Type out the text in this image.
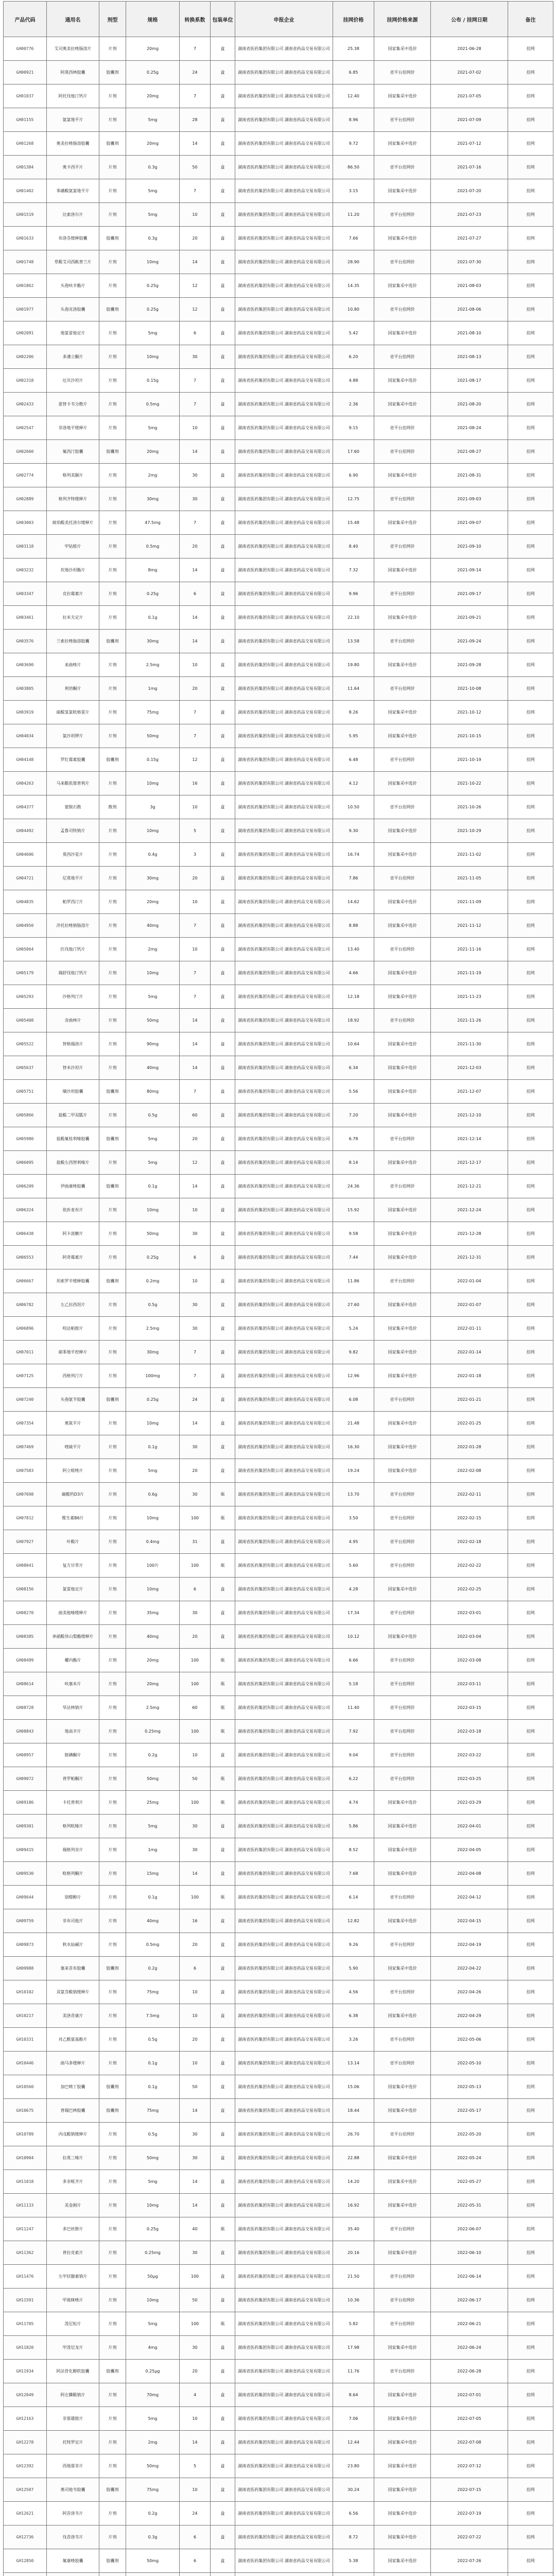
产品代码	通用名	剂型	规格	转换系数	包装单位	申报企业	挂网价格	挂网价格来源	公布 / 挂网日期	备注
GH00776	艾司奥美拉唑肠溶片	片剂	20mg	7	盒	湖南省医药集团有限公司 湖南省药品交易有限公司	25.38	国家集采中选价	2021-06-28	挂网
GH00921	阿莫西林胶囊	胶囊剂	0.25g	24	盒	湖南省医药集团有限公司 湖南省药品交易有限公司	6.85	省平台挂网价	2021-07-02	挂网
GH01037	阿托伐他汀钙片	片剂	20mg	7	盒	湖南省医药集团有限公司 湖南省药品交易有限公司	12.40	国家集采中选价	2021-07-05	挂网
GH01155	氨氯地平片	片剂	5mg	28	盒	湖南省医药集团有限公司 湖南省药品交易有限公司	8.96	省平台挂网价	2021-07-09	挂网
GH01268	奥美拉唑肠溶胶囊	胶囊剂	20mg	14	盒	湖南省医药集团有限公司 湖南省药品交易有限公司	9.72	国家集采中选价	2021-07-12	挂网
GH01384	奥卡西平片	片剂	0.3g	50	盒	湖南省医药集团有限公司 湖南省药品交易有限公司	86.50	省平台挂网价	2021-07-16	挂网
GH01402	苯磺酸氨氯地平片	片剂	5mg	7	盒	湖南省医药集团有限公司 湖南省药品交易有限公司	3.15	国家集采中选价	2021-07-20	挂网
GH01519	比索洛尔片	片剂	5mg	10	盒	湖南省医药集团有限公司 湖南省药品交易有限公司	11.20	省平台挂网价	2021-07-23	挂网
GH01633	布洛芬缓释胶囊	胶囊剂	0.3g	20	盒	湖南省医药集团有限公司 湖南省药品交易有限公司	7.66	国家集采中选价	2021-07-27	挂网
GH01748	草酸艾司西酞普兰片	片剂	10mg	14	盒	湖南省医药集团有限公司 湖南省药品交易有限公司	28.90	省平台挂网价	2021-07-30	挂网
GH01862	头孢呋辛酯片	片剂	0.25g	12	盒	湖南省医药集团有限公司 湖南省药品交易有限公司	14.35	国家集采中选价	2021-08-03	挂网
GH01977	头孢克洛胶囊	胶囊剂	0.25g	12	盒	湖南省医药集团有限公司 湖南省药品交易有限公司	10.80	省平台挂网价	2021-08-06	挂网
GH02091	地氯雷他定片	片剂	5mg	6	盒	湖南省医药集团有限公司 湖南省药品交易有限公司	5.42	国家集采中选价	2021-08-10	挂网
GH02206	多潘立酮片	片剂	10mg	30	盒	湖南省医药集团有限公司 湖南省药品交易有限公司	6.20	省平台挂网价	2021-08-13	挂网
GH02318	厄贝沙坦片	片剂	0.15g	7	盒	湖南省医药集团有限公司 湖南省药品交易有限公司	4.88	国家集采中选价	2021-08-17	挂网
GH02433	恩替卡韦分散片	片剂	0.5mg	7	盒	湖南省医药集团有限公司 湖南省药品交易有限公司	2.36	国家集采中选价	2021-08-20	挂网
GH02547	非洛地平缓释片	片剂	5mg	10	盒	湖南省医药集团有限公司 湖南省药品交易有限公司	9.15	省平台挂网价	2021-08-24	挂网
GH02660	氟西汀胶囊	胶囊剂	20mg	14	盒	湖南省医药集团有限公司 湖南省药品交易有限公司	17.60	省平台挂网价	2021-08-27	挂网
GH02774	格列美脲片	片剂	2mg	30	盒	湖南省医药集团有限公司 湖南省药品交易有限公司	6.90	国家集采中选价	2021-08-31	挂网
GH02889	格列齐特缓释片	片剂	30mg	30	盒	湖南省医药集团有限公司 湖南省药品交易有限公司	12.75	省平台挂网价	2021-09-03	挂网
GH03003	琥珀酸美托洛尔缓释片	片剂	47.5mg	7	盒	湖南省医药集团有限公司 湖南省药品交易有限公司	15.48	国家集采中选价	2021-09-07	挂网
GH03118	甲钴胺片	片剂	0.5mg	20	盒	湖南省医药集团有限公司 湖南省药品交易有限公司	8.40	省平台挂网价	2021-09-10	挂网
GH03232	坎地沙坦酯片	片剂	8mg	14	盒	湖南省医药集团有限公司 湖南省药品交易有限公司	7.32	国家集采中选价	2021-09-14	挂网
GH03347	克拉霉素片	片剂	0.25g	6	盒	湖南省医药集团有限公司 湖南省药品交易有限公司	9.96	省平台挂网价	2021-09-17	挂网
GH03461	拉米夫定片	片剂	0.1g	14	盒	湖南省医药集团有限公司 湖南省药品交易有限公司	22.10	国家集采中选价	2021-09-21	挂网
GH03576	兰索拉唑肠溶胶囊	胶囊剂	30mg	14	盒	湖南省医药集团有限公司 湖南省药品交易有限公司	13.58	省平台挂网价	2021-09-24	挂网
GH03690	来曲唑片	片剂	2.5mg	10	盒	湖南省医药集团有限公司 湖南省药品交易有限公司	19.80	国家集采中选价	2021-09-28	挂网
GH03805	利培酮片	片剂	1mg	20	盒	湖南省医药集团有限公司 湖南省药品交易有限公司	11.64	省平台挂网价	2021-10-08	挂网
GH03919	硫酸氢氯吡格雷片	片剂	75mg	7	盒	湖南省医药集团有限公司 湖南省药品交易有限公司	8.26	国家集采中选价	2021-10-12	挂网
GH04034	氯沙坦钾片	片剂	50mg	7	盒	湖南省医药集团有限公司 湖南省药品交易有限公司	5.95	国家集采中选价	2021-10-15	挂网
GH04148	罗红霉素胶囊	胶囊剂	0.15g	12	盒	湖南省医药集团有限公司 湖南省药品交易有限公司	6.48	省平台挂网价	2021-10-19	挂网
GH04263	马来酸依那普利片	片剂	10mg	16	盒	湖南省医药集团有限公司 湖南省药品交易有限公司	4.12	国家集采中选价	2021-10-22	挂网
GH04377	蒙脱石散	散剂	3g	10	盒	湖南省医药集团有限公司 湖南省药品交易有限公司	10.50	省平台挂网价	2021-10-26	挂网
GH04492	孟鲁司特钠片	片剂	10mg	5	盒	湖南省医药集团有限公司 湖南省药品交易有限公司	9.30	国家集采中选价	2021-10-29	挂网
GH04606	莫西沙星片	片剂	0.4g	3	盒	湖南省医药集团有限公司 湖南省药品交易有限公司	16.74	国家集采中选价	2021-11-02	挂网
GH04721	尼莫地平片	片剂	30mg	20	盒	湖南省医药集团有限公司 湖南省药品交易有限公司	7.86	省平台挂网价	2021-11-05	挂网
GH04835	帕罗西汀片	片剂	20mg	10	盒	湖南省医药集团有限公司 湖南省药品交易有限公司	14.62	国家集采中选价	2021-11-09	挂网
GH04950	泮托拉唑钠肠溶片	片剂	40mg	7	盒	湖南省医药集团有限公司 湖南省药品交易有限公司	8.88	国家集采中选价	2021-11-12	挂网
GH05064	匹伐他汀钙片	片剂	2mg	10	盒	湖南省医药集团有限公司 湖南省药品交易有限公司	13.40	省平台挂网价	2021-11-16	挂网
GH05179	瑞舒伐他汀钙片	片剂	10mg	7	盒	湖南省医药集团有限公司 湖南省药品交易有限公司	4.66	国家集采中选价	2021-11-19	挂网
GH05293	沙格列汀片	片剂	5mg	7	盒	湖南省医药集团有限公司 湖南省药品交易有限公司	12.18	国家集采中选价	2021-11-23	挂网
GH05408	舍曲林片	片剂	50mg	14	盒	湖南省医药集团有限公司 湖南省药品交易有限公司	18.92	省平台挂网价	2021-11-26	挂网
GH05522	替格瑞洛片	片剂	90mg	14	盒	湖南省医药集团有限公司 湖南省药品交易有限公司	10.64	国家集采中选价	2021-11-30	挂网
GH05637	替米沙坦片	片剂	40mg	14	盒	湖南省医药集团有限公司 湖南省药品交易有限公司	6.34	国家集采中选价	2021-12-03	挂网
GH05751	缬沙坦胶囊	胶囊剂	80mg	7	盒	湖南省医药集团有限公司 湖南省药品交易有限公司	5.56	国家集采中选价	2021-12-07	挂网
GH05866	盐酸二甲双胍片	片剂	0.5g	60	盒	湖南省医药集团有限公司 湖南省药品交易有限公司	7.20	国家集采中选价	2021-12-10	挂网
GH05980	盐酸氟桂利嗪胶囊	胶囊剂	5mg	20	盒	湖南省医药集团有限公司 湖南省药品交易有限公司	6.78	省平台挂网价	2021-12-14	挂网
GH06095	盐酸左西替利嗪片	片剂	5mg	12	盒	湖南省医药集团有限公司 湖南省药品交易有限公司	8.14	国家集采中选价	2021-12-17	挂网
GH06209	伊曲康唑胶囊	胶囊剂	0.1g	14	盒	湖南省医药集团有限公司 湖南省药品交易有限公司	24.36	省平台挂网价	2021-12-21	挂网
GH06324	依折麦布片	片剂	10mg	10	盒	湖南省医药集团有限公司 湖南省药品交易有限公司	15.92	国家集采中选价	2021-12-24	挂网
GH06438	阿卡波糖片	片剂	50mg	30	盒	湖南省医药集团有限公司 湖南省药品交易有限公司	9.58	国家集采中选价	2021-12-28	挂网
GH06553	阿奇霉素片	片剂	0.25g	6	盒	湖南省医药集团有限公司 湖南省药品交易有限公司	7.44	国家集采中选价	2021-12-31	挂网
GH06667	坦索罗辛缓释胶囊	胶囊剂	0.2mg	10	盒	湖南省医药集团有限公司 湖南省药品交易有限公司	11.86	省平台挂网价	2022-01-04	挂网
GH06782	左乙拉西坦片	片剂	0.5g	30	盒	湖南省医药集团有限公司 湖南省药品交易有限公司	27.60	国家集采中选价	2022-01-07	挂网
GH06896	吲达帕胺片	片剂	2.5mg	30	盒	湖南省医药集团有限公司 湖南省药品交易有限公司	5.24	国家集采中选价	2022-01-11	挂网
GH07011	硝苯地平控释片	片剂	30mg	7	盒	湖南省医药集团有限公司 湖南省药品交易有限公司	9.82	国家集采中选价	2022-01-14	挂网
GH07125	西格列汀片	片剂	100mg	7	盒	湖南省医药集团有限公司 湖南省药品交易有限公司	12.96	国家集采中选价	2022-01-18	挂网
GH07240	头孢氨苄胶囊	胶囊剂	0.25g	24	盒	湖南省医药集团有限公司 湖南省药品交易有限公司	6.08	省平台挂网价	2022-01-21	挂网
GH07354	奥氮平片	片剂	10mg	14	盒	湖南省医药集团有限公司 湖南省药品交易有限公司	21.48	国家集采中选价	2022-01-25	挂网
GH07469	喹硫平片	片剂	0.1g	30	盒	湖南省医药集团有限公司 湖南省药品交易有限公司	16.30	国家集采中选价	2022-01-28	挂网
GH07583	阿立哌唑片	片剂	5mg	20	盒	湖南省医药集团有限公司 湖南省药品交易有限公司	19.24	国家集采中选价	2022-02-08	挂网
GH07698	碳酸钙D3片	片剂	0.6g	30	瓶	湖南省医药集团有限公司 湖南省药品交易有限公司	13.70	省平台挂网价	2022-02-11	挂网
GH07812	维生素B6片	片剂	10mg	100	瓶	湖南省医药集团有限公司 湖南省药品交易有限公司	3.50	省平台挂网价	2022-02-15	挂网
GH07927	叶酸片	片剂	0.4mg	31	盒	湖南省医药集团有限公司 湖南省药品交易有限公司	4.95	省平台挂网价	2022-02-18	挂网
GH08041	复方甘草片	片剂	100片	100	瓶	湖南省医药集团有限公司 湖南省药品交易有限公司	5.60	省平台挂网价	2022-02-22	挂网
GH08156	氯雷他定片	片剂	10mg	6	盒	湖南省医药集团有限公司 湖南省药品交易有限公司	4.28	国家集采中选价	2022-02-25	挂网
GH08270	曲美他嗪缓释片	片剂	35mg	30	盒	湖南省医药集团有限公司 湖南省药品交易有限公司	17.34	省平台挂网价	2022-03-01	挂网
GH08385	单硝酸异山梨酯缓释片	片剂	40mg	20	盒	湖南省医药集团有限公司 湖南省药品交易有限公司	10.12	国家集采中选价	2022-03-04	挂网
GH08499	螺内酯片	片剂	20mg	100	瓶	湖南省医药集团有限公司 湖南省药品交易有限公司	6.66	省平台挂网价	2022-03-08	挂网
GH08614	呋塞米片	片剂	20mg	100	瓶	湖南省医药集团有限公司 湖南省药品交易有限公司	5.18	省平台挂网价	2022-03-11	挂网
GH08728	华法林钠片	片剂	2.5mg	60	瓶	湖南省医药集团有限公司 湖南省药品交易有限公司	11.40	省平台挂网价	2022-03-15	挂网
GH08843	地高辛片	片剂	0.25mg	100	瓶	湖南省医药集团有限公司 湖南省药品交易有限公司	7.92	省平台挂网价	2022-03-18	挂网
GH08957	胺碘酮片	片剂	0.2g	10	盒	湖南省医药集团有限公司 湖南省药品交易有限公司	9.04	省平台挂网价	2022-03-22	挂网
GH09072	普罗帕酮片	片剂	50mg	50	瓶	湖南省医药集团有限公司 湖南省药品交易有限公司	6.22	省平台挂网价	2022-03-25	挂网
GH09186	卡托普利片	片剂	25mg	100	瓶	湖南省医药集团有限公司 湖南省药品交易有限公司	4.74	国家集采中选价	2022-03-29	挂网
GH09301	格列吡嗪片	片剂	5mg	30	盒	湖南省医药集团有限公司 湖南省药品交易有限公司	5.86	国家集采中选价	2022-04-01	挂网
GH09415	瑞格列奈片	片剂	1mg	30	盒	湖南省医药集团有限公司 湖南省药品交易有限公司	8.52	国家集采中选价	2022-04-05	挂网
GH09530	吡格列酮片	片剂	15mg	14	盒	湖南省医药集团有限公司 湖南省药品交易有限公司	7.68	国家集采中选价	2022-04-08	挂网
GH09644	别嘌醇片	片剂	0.1g	100	瓶	湖南省医药集团有限公司 湖南省药品交易有限公司	6.14	省平台挂网价	2022-04-12	挂网
GH09759	非布司他片	片剂	40mg	16	盒	湖南省医药集团有限公司 湖南省药品交易有限公司	12.82	国家集采中选价	2022-04-15	挂网
GH09873	秋水仙碱片	片剂	0.5mg	20	盒	湖南省医药集团有限公司 湖南省药品交易有限公司	9.26	省平台挂网价	2022-04-19	挂网
GH09988	塞来昔布胶囊	胶囊剂	0.2g	6	盒	湖南省医药集团有限公司 湖南省药品交易有限公司	5.90	国家集采中选价	2022-04-22	挂网
GH10102	双氯芬酸钠缓释片	片剂	75mg	10	盒	湖南省医药集团有限公司 湖南省药品交易有限公司	4.56	省平台挂网价	2022-04-26	挂网
GH10217	美洛昔康片	片剂	7.5mg	10	盒	湖南省医药集团有限公司 湖南省药品交易有限公司	6.38	国家集采中选价	2022-04-29	挂网
GH10331	对乙酰氨基酚片	片剂	0.5g	20	盒	湖南省医药集团有限公司 湖南省药品交易有限公司	3.26	省平台挂网价	2022-05-06	挂网
GH10446	曲马多缓释片	片剂	0.1g	10	盒	湖南省医药集团有限公司 湖南省药品交易有限公司	13.14	省平台挂网价	2022-05-10	挂网
GH10560	加巴喷丁胶囊	胶囊剂	0.1g	50	盒	湖南省医药集团有限公司 湖南省药品交易有限公司	15.06	国家集采中选价	2022-05-13	挂网
GH10675	普瑞巴林胶囊	胶囊剂	75mg	14	盒	湖南省医药集团有限公司 湖南省药品交易有限公司	18.44	国家集采中选价	2022-05-17	挂网
GH10789	丙戊酸钠缓释片	片剂	0.5g	30	盒	湖南省医药集团有限公司 湖南省药品交易有限公司	26.70	省平台挂网价	2022-05-20	挂网
GH10904	拉莫三嗪片	片剂	50mg	30	盒	湖南省医药集团有限公司 湖南省药品交易有限公司	22.88	国家集采中选价	2022-05-24	挂网
GH11018	多奈哌齐片	片剂	5mg	14	盒	湖南省医药集团有限公司 湖南省药品交易有限公司	14.20	国家集采中选价	2022-05-27	挂网
GH11133	美金刚片	片剂	10mg	14	盒	湖南省医药集团有限公司 湖南省药品交易有限公司	16.92	国家集采中选价	2022-05-31	挂网
GH11247	多巴丝肼片	片剂	0.25g	40	瓶	湖南省医药集团有限公司 湖南省药品交易有限公司	35.40	省平台挂网价	2022-06-07	挂网
GH11362	普拉克索片	片剂	0.25mg	30	盒	湖南省医药集团有限公司 湖南省药品交易有限公司	20.16	国家集采中选价	2022-06-10	挂网
GH11476	左甲状腺素钠片	片剂	50μg	100	盒	湖南省医药集团有限公司 湖南省药品交易有限公司	21.50	省平台挂网价	2022-06-14	挂网
GH11591	甲巯咪唑片	片剂	10mg	50	盒	湖南省医药集团有限公司 湖南省药品交易有限公司	10.36	省平台挂网价	2022-06-17	挂网
GH11705	泼尼松片	片剂	5mg	100	瓶	湖南省医药集团有限公司 湖南省药品交易有限公司	5.82	省平台挂网价	2022-06-21	挂网
GH11820	甲泼尼龙片	片剂	4mg	30	盒	湖南省医药集团有限公司 湖南省药品交易有限公司	17.98	国家集采中选价	2022-06-24	挂网
GH11934	阿法骨化醇软胶囊	胶囊剂	0.25μg	20	盒	湖南省医药集团有限公司 湖南省药品交易有限公司	11.76	省平台挂网价	2022-06-28	挂网
GH12049	阿仑膦酸钠片	片剂	70mg	4	盒	湖南省医药集团有限公司 湖南省药品交易有限公司	8.64	国家集采中选价	2022-07-01	挂网
GH12163	非那雄胺片	片剂	5mg	10	盒	湖南省医药集团有限公司 湖南省药品交易有限公司	7.06	国家集采中选价	2022-07-05	挂网
GH12278	托特罗定片	片剂	2mg	14	盒	湖南省医药集团有限公司 湖南省药品交易有限公司	12.44	国家集采中选价	2022-07-08	挂网
GH12392	西地那非片	片剂	50mg	5	盒	湖南省医药集团有限公司 湖南省药品交易有限公司	23.80	国家集采中选价	2022-07-12	挂网
GH12507	奥司他韦胶囊	胶囊剂	75mg	10	盒	湖南省医药集团有限公司 湖南省药品交易有限公司	30.24	国家集采中选价	2022-07-15	挂网
GH12621	阿昔洛韦片	片剂	0.2g	24	盒	湖南省医药集团有限公司 湖南省药品交易有限公司	6.56	国家集采中选价	2022-07-19	挂网
GH12736	伐昔洛韦片	片剂	0.3g	6	盒	湖南省医药集团有限公司 湖南省药品交易有限公司	8.72	国家集采中选价	2022-07-22	挂网
GH12850	氟康唑胶囊	胶囊剂	50mg	6	盒	湖南省医药集团有限公司 湖南省药品交易有限公司	5.38	国家集采中选价	2022-07-26	挂网
